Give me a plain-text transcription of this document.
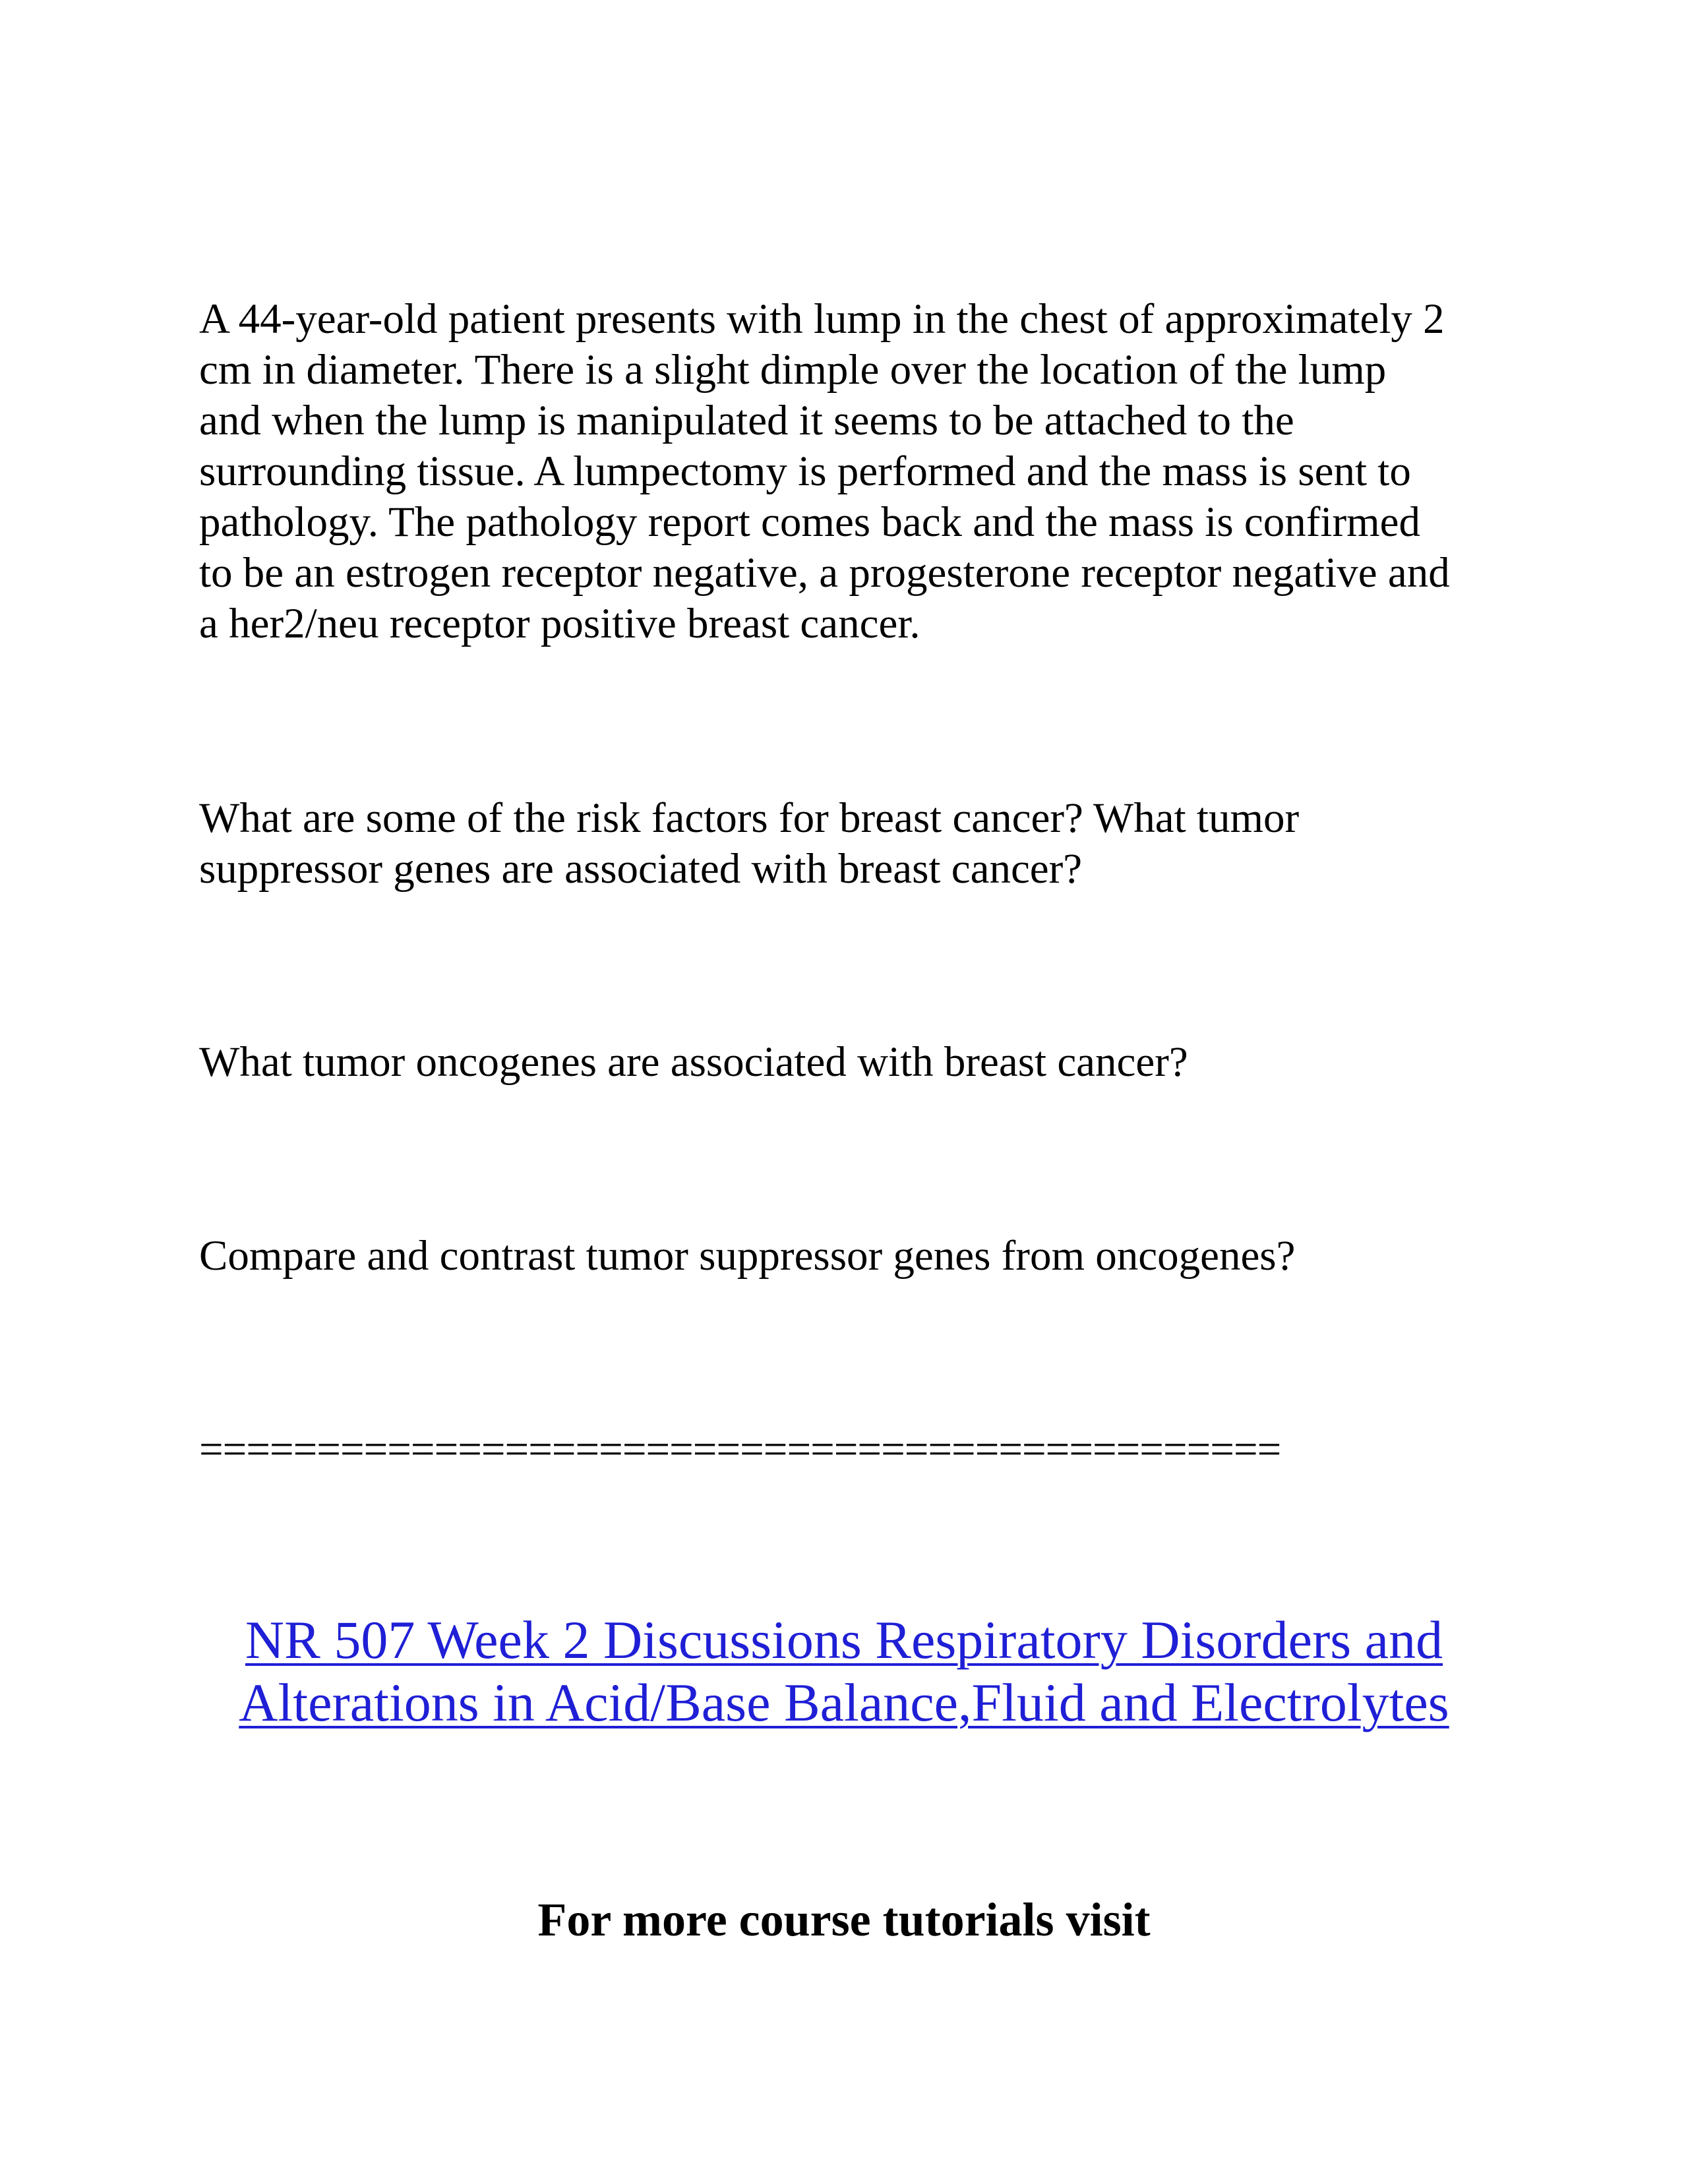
A 44-year-old patient presents with lump in the chest of approximately 2
cm in diameter. There is a slight dimple over the location of the lump
and when the lump is manipulated it seems to be attached to the
surrounding tissue. A lumpectomy is performed and the mass is sent to
pathology. The pathology report comes back and the mass is confirmed
to be an estrogen receptor negative, a progesterone receptor negative and
a her2/neu receptor positive breast cancer.

What are some of the risk factors for breast cancer? What tumor
suppressor genes are associated with breast cancer?

What tumor oncogenes are associated with breast cancer?

Compare and contrast tumor suppressor genes from oncogenes?

==============================================

NR 507 Week 2 Discussions Respiratory Disorders and
Alterations in Acid/Base Balance,Fluid and Electrolytes

For more course tutorials visit
